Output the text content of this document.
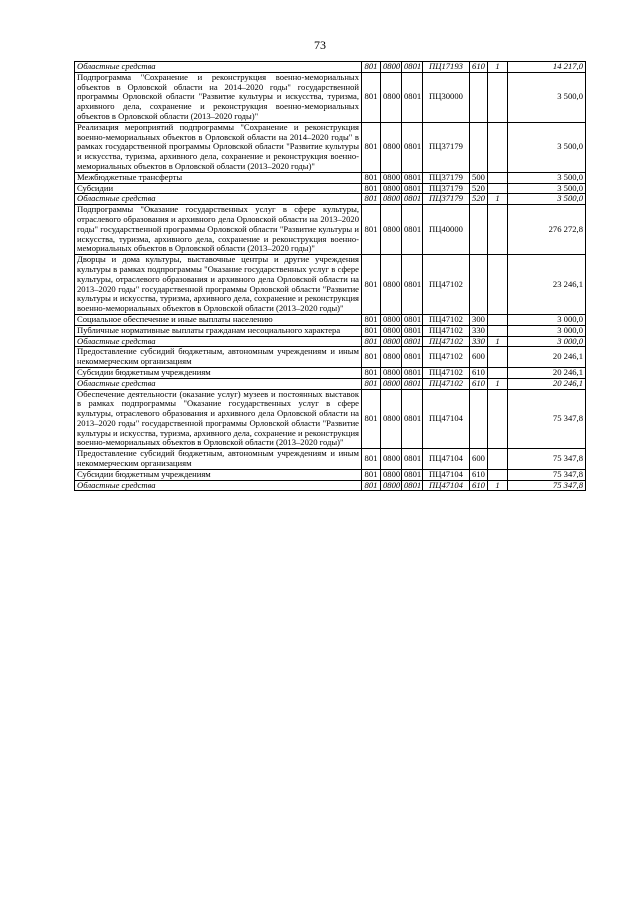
73
Областные средства	801	0800	0801	ПЦ17193	610	1	14 217,0
Подпрограмма "Сохранение и реконструкция военно-мемориальных объектов в Орловской области на 2014–2020 годы" государственной программы Орловской области "Развитие культуры и искусства, туризма, архивного дела, сохранение и реконструкция военно-мемориальных объектов в Орловской области (2013–2020 годы)"	801	0800	0801	ПЦ30000			3 500,0
Реализация мероприятий подпрограммы "Сохранение и реконструкция военно-мемориальных объектов в Орловской области на 2014–2020 годы" в рамках государственной программы Орловской области "Развитие культуры и искусства, туризма, архивного дела, сохранение и реконструкция военно-мемориальных объектов в Орловской области (2013–2020 годы)"	801	0800	0801	ПЦ37179			3 500,0
Межбюджетные трансферты	801	0800	0801	ПЦ37179	500		3 500,0
Субсидии	801	0800	0801	ПЦ37179	520		3 500,0
Областные средства	801	0800	0801	ПЦ37179	520	1	3 500,0
Подпрограммы "Оказание государственных услуг в сфере культуры, отраслевого образования и архивного дела Орловской области на 2013–2020 годы" государственной программы Орловской области "Развитие культуры и искусства, туризма, архивного дела, сохранение и реконструкция военно-мемориальных объектов в Орловской области (2013–2020 годы)"	801	0800	0801	ПЦ40000			276 272,8
Дворцы и дома культуры, выставочные центры и другие учреждения культуры в рамках подпрограммы "Оказание государственных услуг в сфере культуры, отраслевого образования и архивного дела Орловской области на 2013–2020 годы" государственной программы Орловской области "Развитие культуры и искусства, туризма, архивного дела, сохранение и реконструкция военно-мемориальных объектов в Орловской области (2013–2020 годы)"	801	0800	0801	ПЦ47102			23 246,1
Социальное обеспечение и иные выплаты населению	801	0800	0801	ПЦ47102	300		3 000,0
Публичные нормативные выплаты гражданам несоциального характера	801	0800	0801	ПЦ47102	330		3 000,0
Областные средства	801	0800	0801	ПЦ47102	330	1	3 000,0
Предоставление субсидий бюджетным, автономным учреждениям и иным некоммерческим организациям	801	0800	0801	ПЦ47102	600		20 246,1
Субсидии бюджетным учреждениям	801	0800	0801	ПЦ47102	610		20 246,1
Областные средства	801	0800	0801	ПЦ47102	610	1	20 246,1
Обеспечение деятельности (оказание услуг) музеев и постоянных выставок в рамках подпрограммы "Оказание государственных услуг в сфере культуры, отраслевого образования и архивного дела Орловской области на 2013–2020 годы" государственной программы Орловской области "Развитие культуры и искусства, туризма, архивного дела, сохранение и реконструкция военно-мемориальных объектов в Орловской области (2013–2020 годы)"	801	0800	0801	ПЦ47104			75 347,8
Предоставление субсидий бюджетным, автономным учреждениям и иным некоммерческим организациям	801	0800	0801	ПЦ47104	600		75 347,8
Субсидии бюджетным учреждениям	801	0800	0801	ПЦ47104	610		75 347,8
Областные средства	801	0800	0801	ПЦ47104	610	1	75 347,8
